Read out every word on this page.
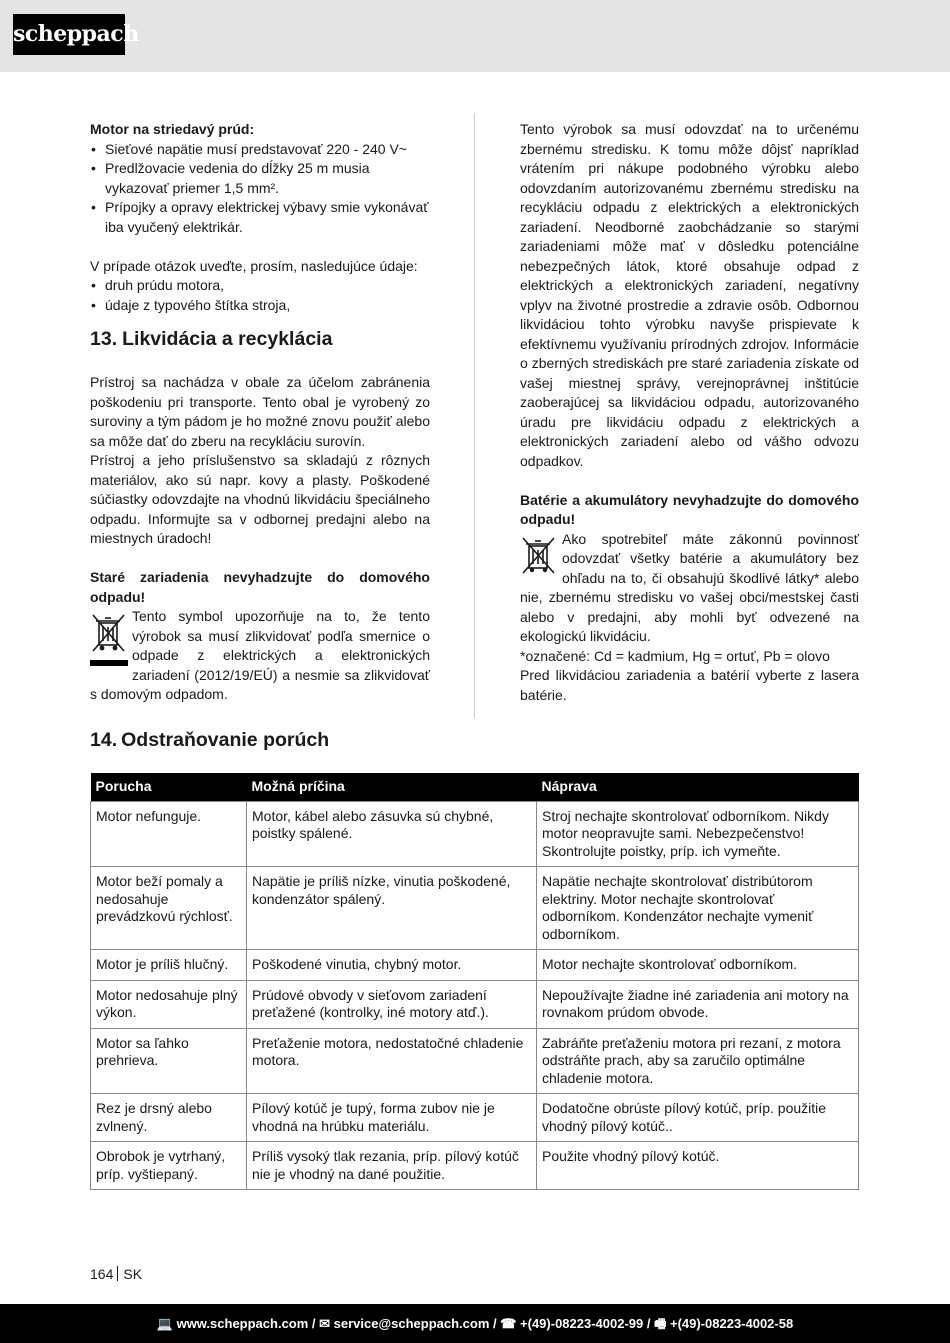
scheppach

Motor na striedavý prúd:

• Sieťové napätie musí predstavovať 220 - 240 V~
• Predlžovacie vedenia do dĺžky 25 m musia vykazovať priemer 1,5 mm².
• Prípojky a opravy elektrickej výbavy smie vykonávať iba vyučený elektrikár.

V prípade otázok uveďte, prosím, nasledujúce údaje:

• druh prúdu motora,
• údaje z typového štítka stroja,
13. Likvidácia a recyklácia

Prístroj sa nachádza v obale za účelom zabránenia poškodeniu pri transporte. Tento obal je vyrobený zo suroviny a tým pádom je ho možné znovu použiť alebo sa môže dať do zberu na recykláciu surovín.

Prístroj a jeho príslušenstvo sa skladajú z rôznych materiálov, ako sú napr. kovy a plasty. Poškodené súčiastky odovzdajte na vhodnú likvidáciu špeciálneho odpadu. Informujte sa v odbornej predajni alebo na miestnych úradoch!

Staré zariadenia nevyhadzujte do domového odpadu!

Tento symbol upozorňuje na to, že tento výrobok sa musí zlikvidovať podľa smernice o odpade z elektrických a elektronických zariadení (2012/19/EÚ) a nesmie sa zlikvidovať s domovým odpadom.

Tento výrobok sa musí odovzdať na to určenému zbernému stredisku. K tomu môže dôjsť napríklad vrátením pri nákupe podobného výrobku alebo odovzdaním autorizovanému zbernému stredisku na recykláciu odpadu z elektrických a elektronických zariadení. Neodborné zaobchádzanie so starými zariadeniami môže mať v dôsledku potenciálne nebezpečných látok, ktoré obsahuje odpad z elektrických a elektronických zariadení, negatívny vplyv na životné prostredie a zdravie osôb. Odbornou likvidáciou tohto výrobku navyše prispievate k efektívnemu využívaniu prírodných zdrojov. Informácie o zberných strediskách pre staré zariadenia získate od vašej miestnej správy, verejnoprávnej inštitúcie zaoberajúcej sa likvidáciou odpadu, autorizovaného úradu pre likvidáciu odpadu z elektrických a elektronických zariadení alebo od vášho odvozu odpadkov.

Batérie a akumulátory nevyhadzujte do domového odpadu!

Ako spotrebiteľ máte zákonnú povinnosť odovzdať všetky batérie a akumulátory bez ohľadu na to, či obsahujú škodlivé látky* alebo nie, zbernému stredisku vo vašej obci/mestskej časti alebo v predajni, aby mohli byť odvezené na ekologickú likvidáciu.

*označené: Cd = kadmium, Hg = ortuť, Pb = olovo

Pred likvidáciou zariadenia a batérií vyberte z lasera batérie.

14. Odstraňovanie porúch
Porucha	Možná príčina	Náprava
Motor nefunguje.	Motor, kábel alebo zásuvka sú chybné, poistky spálené.	Stroj nechajte skontrolovať odborníkom. Nikdy motor neopravujte sami. Nebezpečenstvo! Skontrolujte poistky, príp. ich vymeňte.
Motor beží pomaly a nedosahuje prevádzkovú rýchlosť.	Napätie je príliš nízke, vinutia poškodené, kondenzátor spálený.	Napätie nechajte skontrolovať distribútorom elektriny. Motor nechajte skontrolovať odborníkom. Kondenzátor nechajte vymeniť odborníkom.
Motor je príliš hlučný.	Poškodené vinutia, chybný motor.	Motor nechajte skontrolovať odborníkom.
Motor nedosahuje plný výkon.	Prúdové obvody v sieťovom zariadení preťažené (kontrolky, iné motory atď.).	Nepoužívajte žiadne iné zariadenia ani motory na rovnakom prúdom obvode.
Motor sa ľahko prehrieva.	Preťaženie motora, nedostatočné chladenie motora.	Zabráňte preťaženiu motora pri rezaní, z motora odstráňte prach, aby sa zaručilo optimálne chladenie motora.
Rez je drsný alebo zvlnený.	Pílový kotúč je tupý, forma zubov nie je vhodná na hrúbku materiálu.	Dodatočne obrúste pílový kotúč, príp. použitie vhodný pílový kotúč..
Obrobok je vytrhaný, príp. vyštiepaný.	Príliš vysoký tlak rezania, príp. pílový kotúč nie je vhodný na dané použitie.	Použite vhodný pílový kotúč.
164 SK
💻 www.scheppach.com / ✉ service@scheppach.com / ☎ +(49)-08223-4002-99 / 🖷 +(49)-08223-4002-58
